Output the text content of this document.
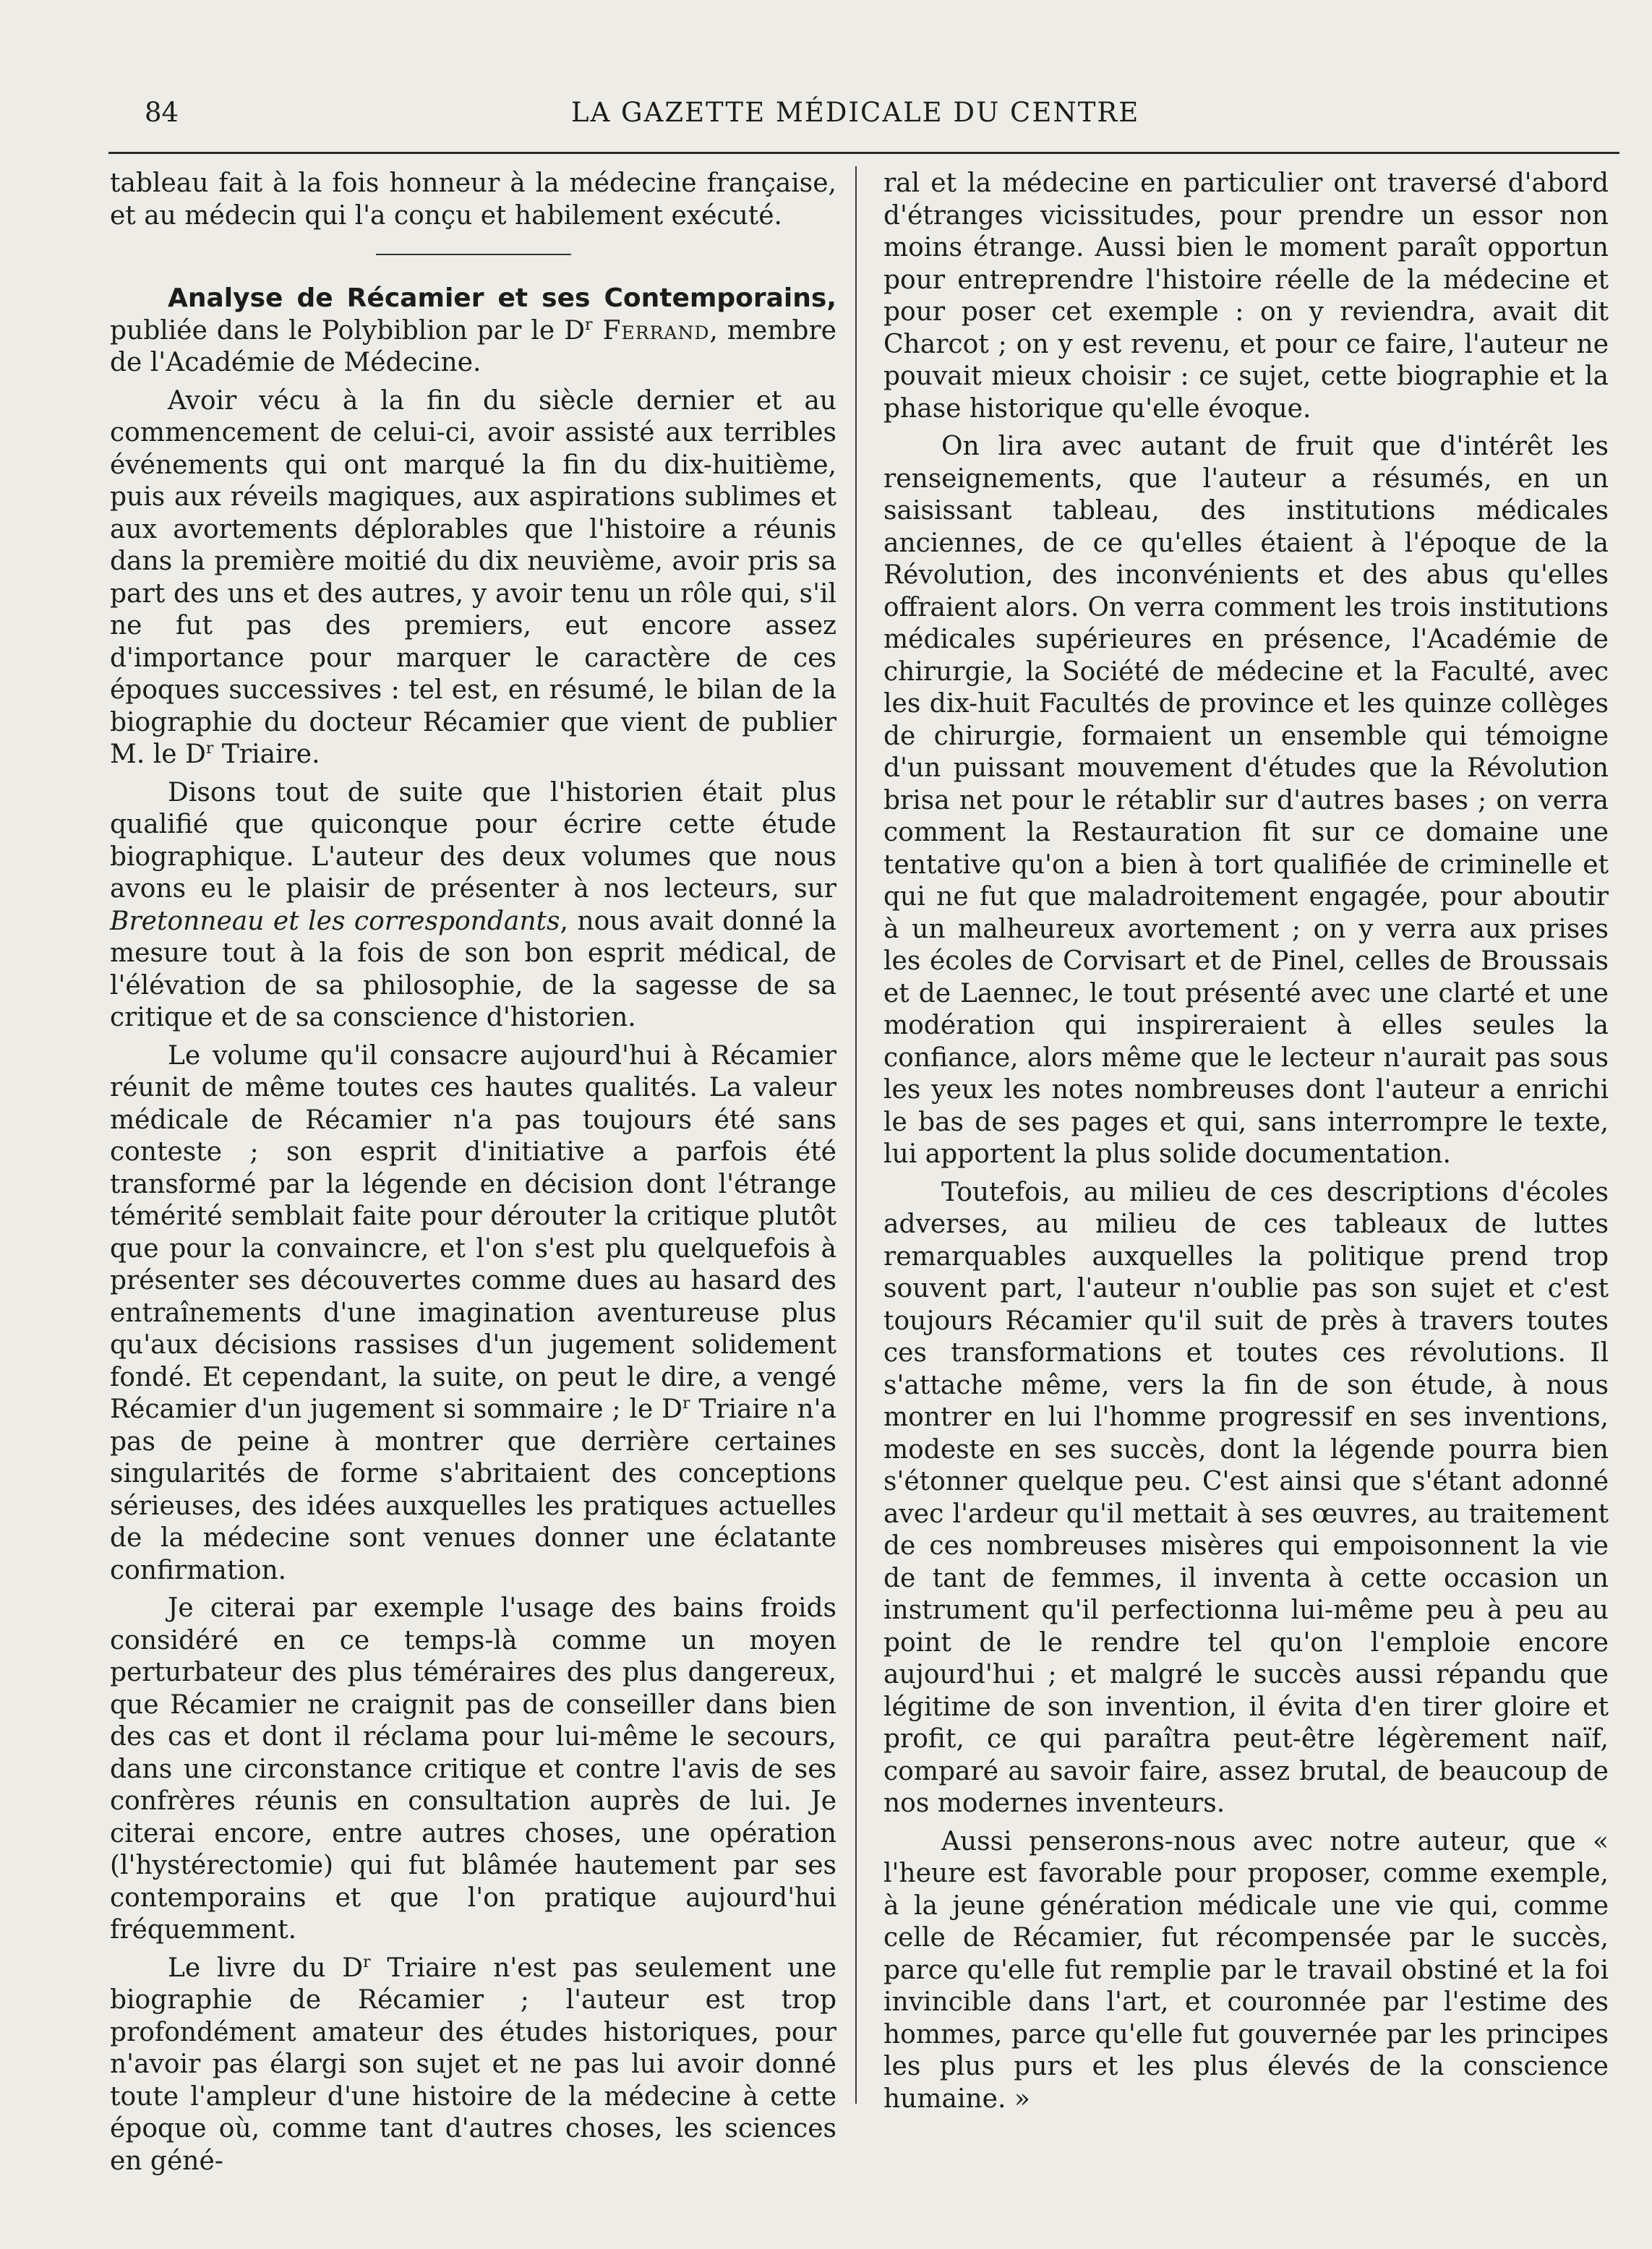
84	LA GAZETTE MÉDICALE DU CENTRE

tableau fait à la fois honneur à la médecine française, et au médecin qui l'a conçu et habilement exécuté.

Analyse de Récamier et ses Contemporains, publiée dans le Polybiblion par le $D^r$ Ferrand, membre de l'Académie de Médecine.

Avoir vécu à la fin du siècle dernier et au commencement de celui-ci, avoir assisté aux terribles événements qui ont marqué la fin du dix-huitième, puis aux réveils magiques, aux aspirations sublimes et aux avortements déplorables que l'histoire a réunis dans la première moitié du dix neuvième, avoir pris sa part des uns et des autres, y avoir tenu un rôle qui, s'il ne fut pas des premiers, eut encore assez d'importance pour marquer le caractère de ces époques successives : tel est, en résumé, le bilan de la biographie du docteur Récamier que vient de publier M. le $D^r$ Triaire.

Disons tout de suite que l'historien était plus qualifié que quiconque pour écrire cette étude biographique. L'auteur des deux volumes que nous avons eu le plaisir de présenter à nos lecteurs, sur Bretonneau et les correspondants, nous avait donné la mesure tout à la fois de son bon esprit médical, de l'élévation de sa philosophie, de la sagesse de sa critique et de sa conscience d'historien.

Le volume qu'il consacre aujourd'hui à Récamier réunit de même toutes ces hautes qualités. La valeur médicale de Récamier n'a pas toujours été sans conteste ; son esprit d'initiative a parfois été transformé par la légende en décision dont l'étrange témérité semblait faite pour dérouter la critique plutôt que pour la convaincre, et l'on s'est plu quelquefois à présenter ses découvertes comme dues au hasard des entraînements d'une imagination aventureuse plus qu'aux décisions rassises d'un jugement solidement fondé. Et cependant, la suite, on peut le dire, a vengé Récamier d'un jugement si sommaire ; le $D^r$ Triaire n'a pas de peine à montrer que derrière certaines singularités de forme s'abritaient des conceptions sérieuses, des idées auxquelles les pratiques actuelles de la médecine sont venues donner une éclatante confirmation.

Je citerai par exemple l'usage des bains froids considéré en ce temps-là comme un moyen perturbateur des plus téméraires des plus dangereux, que Récamier ne craignit pas de conseiller dans bien des cas et dont il réclama pour lui-même le secours, dans une circonstance critique et contre l'avis de ses confrères réunis en consultation auprès de lui. Je citerai encore, entre autres choses, une opération (l'hystérectomie) qui fut blâmée hautement par ses contemporains et que l'on pratique aujourd'hui fréquemment.

Le livre du $D^r$ Triaire n'est pas seulement une biographie de Récamier ; l'auteur est trop profondément amateur des études historiques, pour n'avoir pas élargi son sujet et ne pas lui avoir donné toute l'ampleur d'une histoire de la médecine à cette époque où, comme tant d'autres choses, les sciences en géné-

ral et la médecine en particulier ont traversé d'abord d'étranges vicissitudes, pour prendre un essor non moins étrange. Aussi bien le moment paraît opportun pour entreprendre l'histoire réelle de la médecine et pour poser cet exemple : on y reviendra, avait dit Charcot ; on y est revenu, et pour ce faire, l'auteur ne pouvait mieux choisir : ce sujet, cette biographie et la phase historique qu'elle évoque.

On lira avec autant de fruit que d'intérêt les renseignements, que l'auteur a résumés, en un saisissant tableau, des institutions médicales anciennes, de ce qu'elles étaient à l'époque de la Révolution, des inconvénients et des abus qu'elles offraient alors. On verra comment les trois institutions médicales supérieures en présence, l'Académie de chirurgie, la Société de médecine et la Faculté, avec les dix-huit Facultés de province et les quinze collèges de chirurgie, formaient un ensemble qui témoigne d'un puissant mouvement d'études que la Révolution brisa net pour le rétablir sur d'autres bases ; on verra comment la Restauration fit sur ce domaine une tentative qu'on a bien à tort qualifiée de criminelle et qui ne fut que maladroitement engagée, pour aboutir à un malheureux avortement ; on y verra aux prises les écoles de Corvisart et de Pinel, celles de Broussais et de Laennec, le tout présenté avec une clarté et une modération qui inspireraient à elles seules la confiance, alors même que le lecteur n'aurait pas sous les yeux les notes nombreuses dont l'auteur a enrichi le bas de ses pages et qui, sans interrompre le texte, lui apportent la plus solide documentation.

Toutefois, au milieu de ces descriptions d'écoles adverses, au milieu de ces tableaux de luttes remarquables auxquelles la politique prend trop souvent part, l'auteur n'oublie pas son sujet et c'est toujours Récamier qu'il suit de près à travers toutes ces transformations et toutes ces révolutions. Il s'attache même, vers la fin de son étude, à nous montrer en lui l'homme progressif en ses inventions, modeste en ses succès, dont la légende pourra bien s'étonner quelque peu. C'est ainsi que s'étant adonné avec l'ardeur qu'il mettait à ses œuvres, au traitement de ces nombreuses misères qui empoisonnent la vie de tant de femmes, il inventa à cette occasion un instrument qu'il perfectionna lui-même peu à peu au point de le rendre tel qu'on l'emploie encore aujourd'hui ; et malgré le succès aussi répandu que légitime de son invention, il évita d'en tirer gloire et profit, ce qui paraîtra peut-être légèrement naïf, comparé au savoir faire, assez brutal, de beaucoup de nos modernes inventeurs.

Aussi penserons-nous avec notre auteur, que « l'heure est favorable pour proposer, comme exemple, à la jeune génération médicale une vie qui, comme celle de Récamier, fut récompensée par le succès, parce qu'elle fut remplie par le travail obstiné et la foi invincible dans l'art, et couronnée par l'estime des hommes, parce qu'elle fut gouvernée par les principes les plus purs et les plus élevés de la conscience humaine. »
